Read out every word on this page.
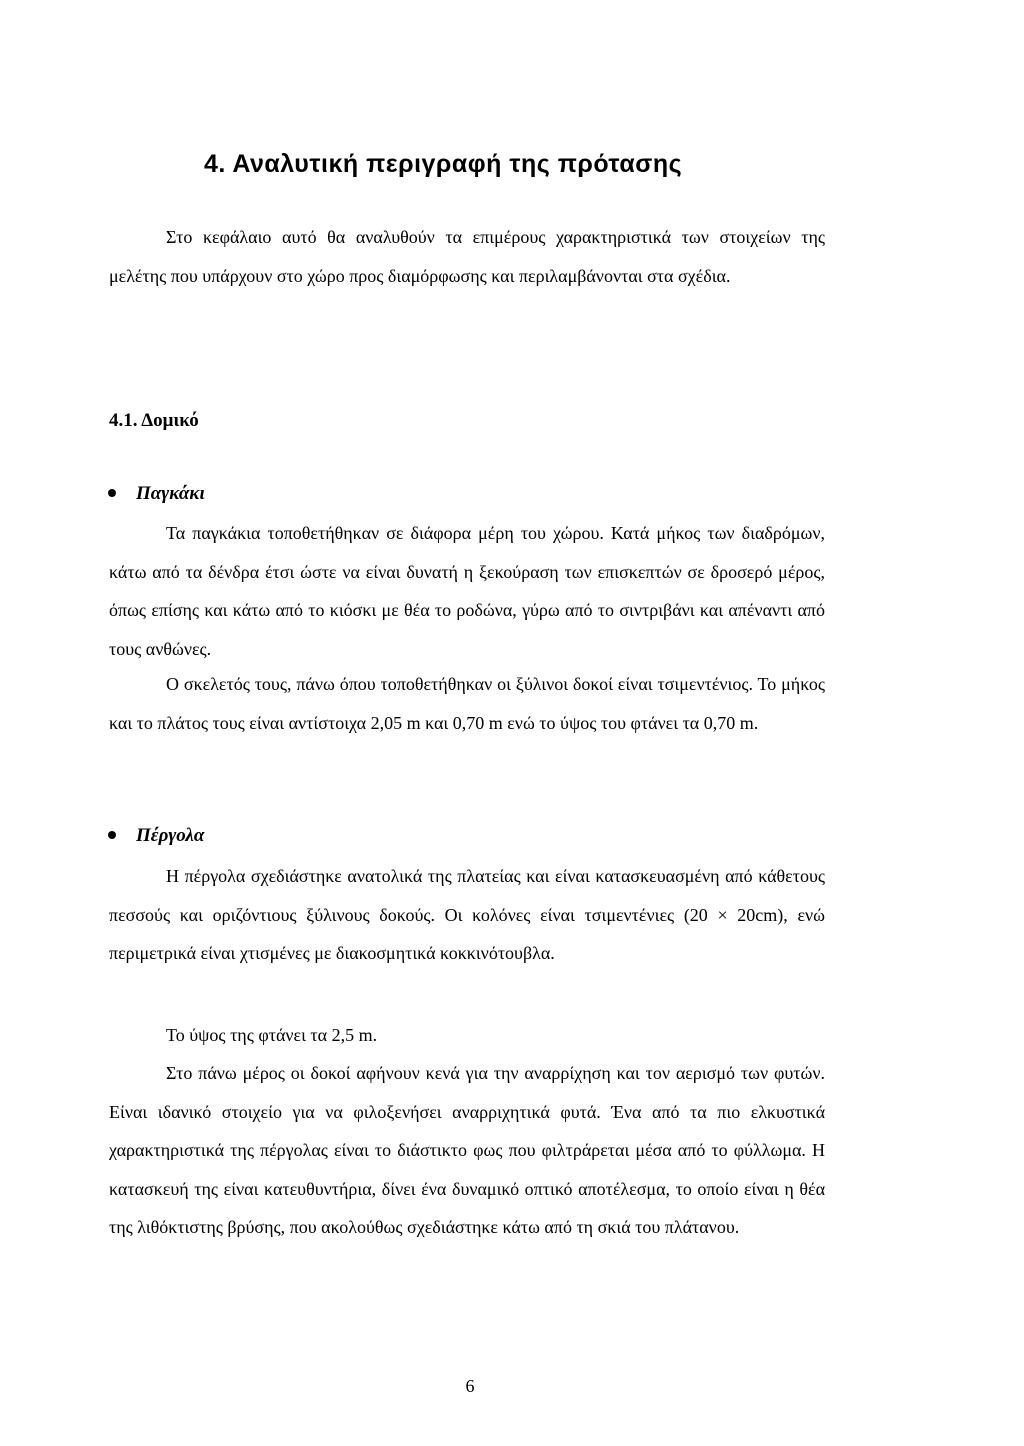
4. Αναλυτική περιγραφή της πρότασης

Στο κεφάλαιο αυτό θα αναλυθούν τα επιμέρους χαρακτηριστικά των στοιχείων της μελέτης που υπάρχουν στο χώρο προς διαμόρφωσης και περιλαμβάνονται στα σχέδια.

4.1. Δομικό
Παγκάκι

Τα παγκάκια τοποθετήθηκαν σε διάφορα μέρη του χώρου. Κατά μήκος των διαδρόμων, κάτω από τα δένδρα έτσι ώστε να είναι δυνατή η ξεκούραση των επισκεπτών σε δροσερό μέρος, όπως επίσης και κάτω από το κιόσκι με θέα το ροδώνα, γύρω από το σιντριβάνι και απέναντι από τους ανθώνες.

Ο σκελετός τους, πάνω όπου τοποθετήθηκαν οι ξύλινοι δοκοί είναι τσιμεντένιος. Το μήκος και το πλάτος τους είναι αντίστοιχα 2,05 m και 0,70 m ενώ το ύψος του φτάνει τα 0,70 m.

Πέργολα

Η πέργολα σχεδιάστηκε ανατολικά της πλατείας και είναι κατασκευασμένη από κάθετους πεσσούς και οριζόντιους ξύλινους δοκούς. Οι κολόνες είναι τσιμεντένιες (20 × 20cm), ενώ περιμετρικά είναι χτισμένες με διακοσμητικά κοκκινότουβλα.

Το ύψος της φτάνει τα 2,5 m.

Στο πάνω μέρος οι δοκοί αφήνουν κενά για την αναρρίχηση και τον αερισμό των φυτών. Είναι ιδανικό στοιχείο για να φιλοξενήσει αναρριχητικά φυτά. Ένα από τα πιο ελκυστικά χαρακτηριστικά της πέργολας είναι το διάστικτο φως που φιλτράρεται μέσα από το φύλλωμα. Η κατασκευή της είναι κατευθυντήρια, δίνει ένα δυναμικό οπτικό αποτέλεσμα, το οποίο είναι η θέα της λιθόκτιστης βρύσης, που ακολούθως σχεδιάστηκε κάτω από τη σκιά του πλάτανου.

6
